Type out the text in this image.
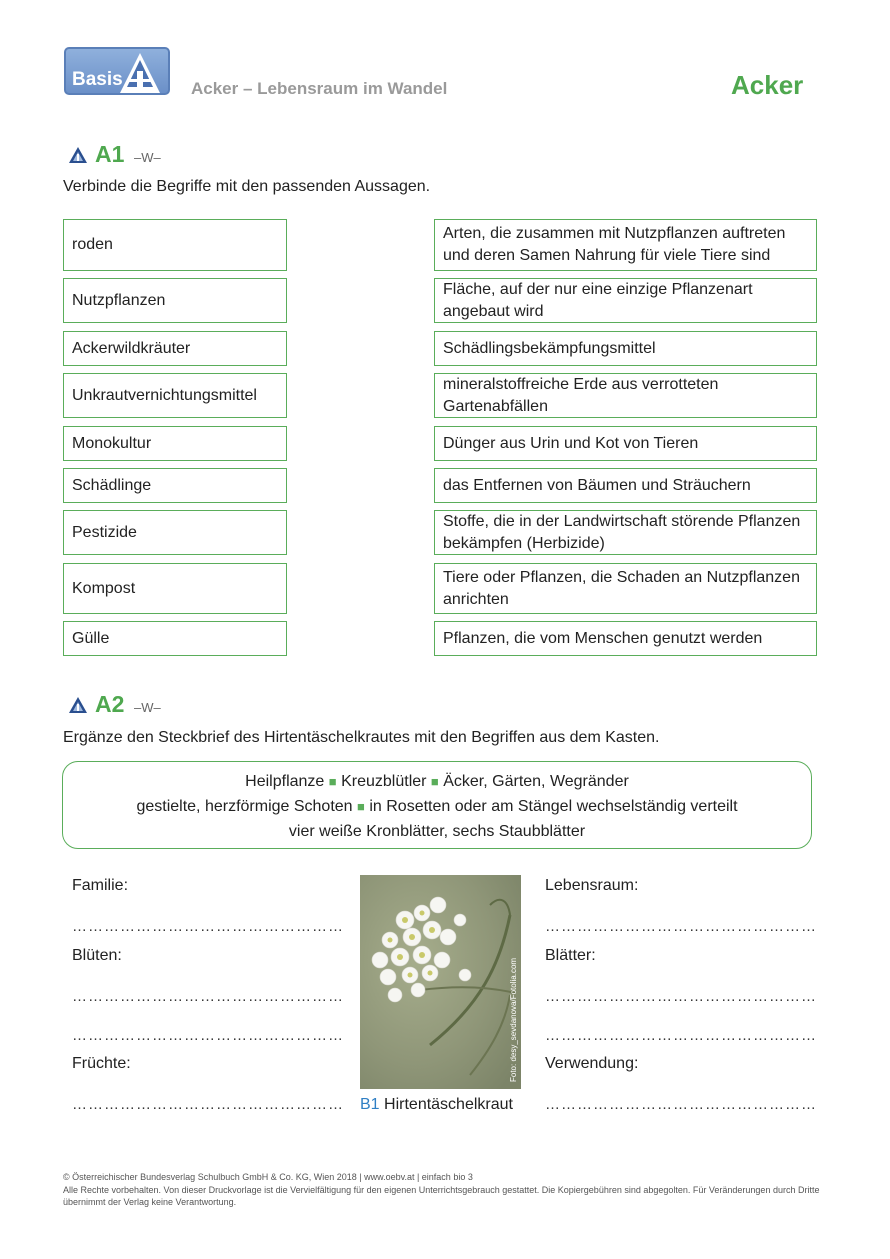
Basis	Acker – Lebensraum im Wandel	Acker
A1 –W–
Verbinde die Begriffe mit den passenden Aussagen.
roden
Nutzpflanzen
Ackerwildkräuter
Unkrautvernichtungsmittel
Monokultur
Schädlinge
Pestizide
Kompost
Gülle
Arten, die zusammen mit Nutzpflanzen auftreten und deren Samen Nahrung für viele Tiere sind
Fläche, auf der nur eine einzige Pflanzenart angebaut wird
Schädlingsbekämpfungsmittel
mineralstoffreiche Erde aus verrotteten Gartenabfällen
Dünger aus Urin und Kot von Tieren
das Entfernen von Bäumen und Sträuchern
Stoffe, die in der Landwirtschaft störende Pflanzen bekämpfen (Herbizide)
Tiere oder Pflanzen, die Schaden an Nutzpflanzen anrichten
Pflanzen, die vom Menschen genutzt werden
A2 –W–
Ergänze den Steckbrief des Hirtentäschelkrautes mit den Begriffen aus dem Kasten.
Heilpflanze ■ Kreuzblütler ■ Äcker, Gärten, Wegränder
gestielte, herzförmige Schoten ■ in Rosetten oder am Stängel wechselständig verteilt
vier weiße Kronblätter, sechs Staubblätter
Familie:
……………………………………………
Blüten:
……………………………………………
……………………………………………
Früchte:
……………………………………………
Lebensraum:
……………………………………………
Blätter:
……………………………………………
……………………………………………
Verwendung:
……………………………………………
Foto: desy_sevdanova/Fotolia.com
B1 Hirtentäschelkraut
© Österreichischer Bundesverlag Schulbuch GmbH & Co. KG, Wien 2018 | www.oebv.at | einfach bio 3
Alle Rechte vorbehalten. Von dieser Druckvorlage ist die Vervielfältigung für den eigenen Unterrichtsgebrauch gestattet. Die Kopiergebühren sind abgegolten. Für Veränderungen durch Dritte übernimmt der Verlag keine Verantwortung.
